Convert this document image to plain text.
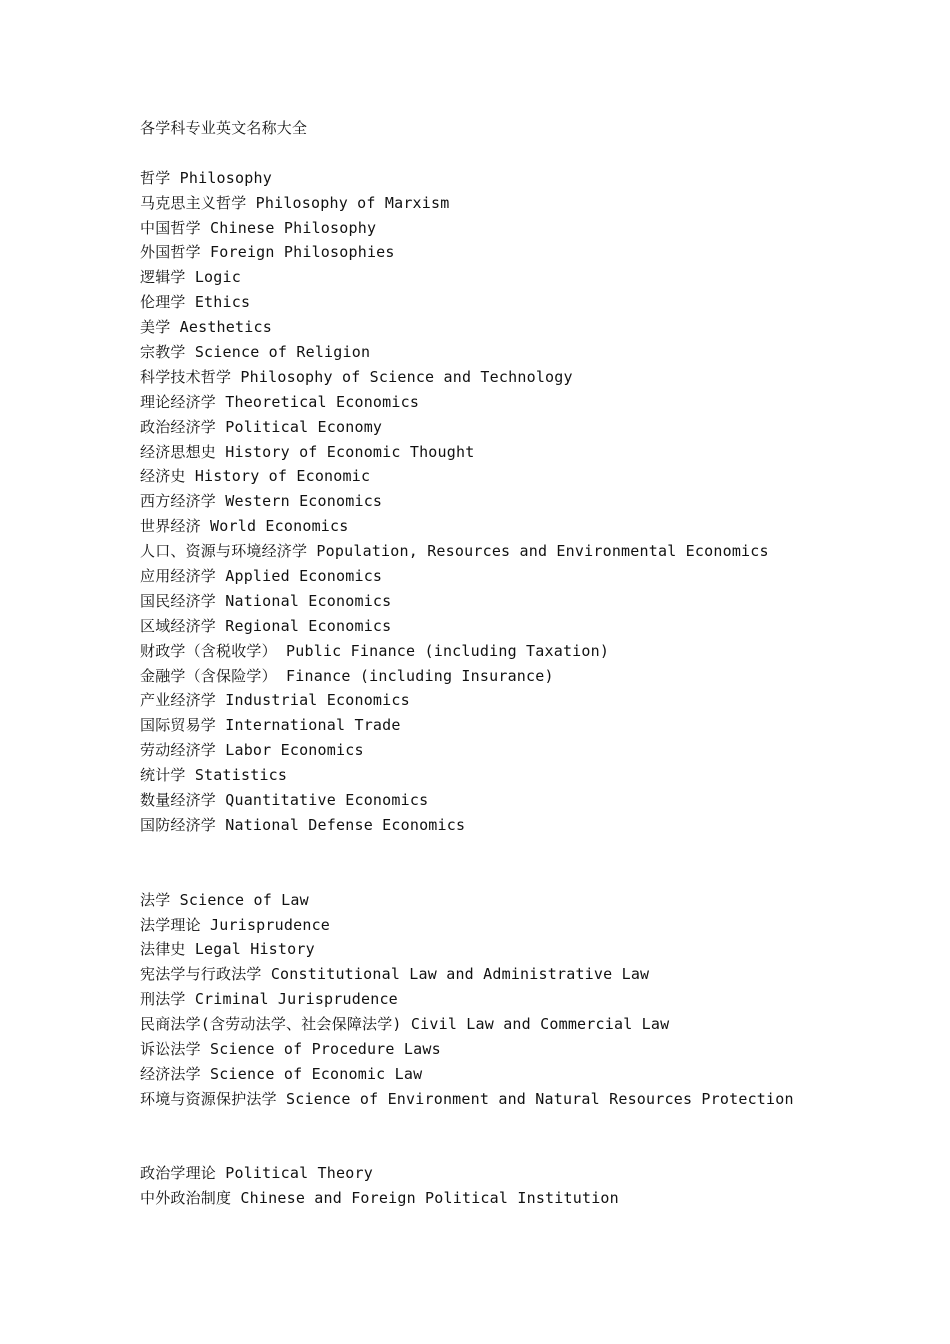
各学科专业英文名称大全
哲学 Philosophy
马克思主义哲学 Philosophy of Marxism
中国哲学 Chinese Philosophy
外国哲学 Foreign Philosophies
逻辑学 Logic
伦理学 Ethics
美学 Aesthetics
宗教学 Science of Religion
科学技术哲学 Philosophy of Science and Technology
理论经济学 Theoretical Economics
政治经济学 Political Economy
经济思想史 History of Economic Thought
经济史 History of Economic
西方经济学 Western Economics
世界经济 World Economics
人口、资源与环境经济学 Population, Resources and Environmental Economics
应用经济学 Applied Economics
国民经济学 National Economics
区域经济学 Regional Economics
财政学（含税收学） Public Finance (including Taxation)
金融学（含保险学） Finance (including Insurance)
产业经济学 Industrial Economics
国际贸易学 International Trade
劳动经济学 Labor Economics
统计学 Statistics
数量经济学 Quantitative Economics
国防经济学 National Defense Economics
法学 Science of Law
法学理论 Jurisprudence
法律史 Legal History
宪法学与行政法学 Constitutional Law and Administrative Law
刑法学 Criminal Jurisprudence
民商法学(含劳动法学、社会保障法学) Civil Law and Commercial Law
诉讼法学 Science of Procedure Laws
经济法学 Science of Economic Law
环境与资源保护法学 Science of Environment and Natural Resources Protection
政治学理论 Political Theory
中外政治制度 Chinese and Foreign Political Institution
